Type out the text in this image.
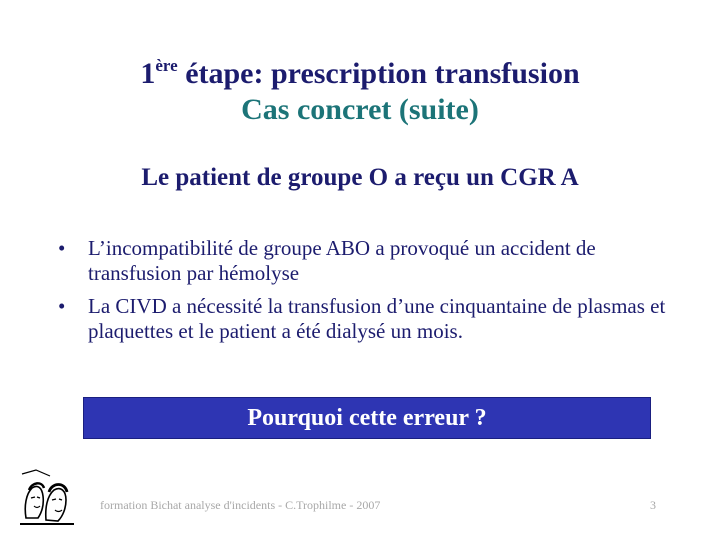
1ère étape: prescription transfusion
Cas concret (suite)
Le patient de groupe O a reçu un CGR A
• L’incompatibilité de groupe ABO a provoqué un accident de transfusion par hémolyse
• La CIVD a nécessité la transfusion d’une cinquantaine de plasmas et plaquettes et le patient a été dialysé un mois.
Pourquoi cette erreur ?
formation Bichat analyse d'incidents - C.Trophilme - 2007	3
